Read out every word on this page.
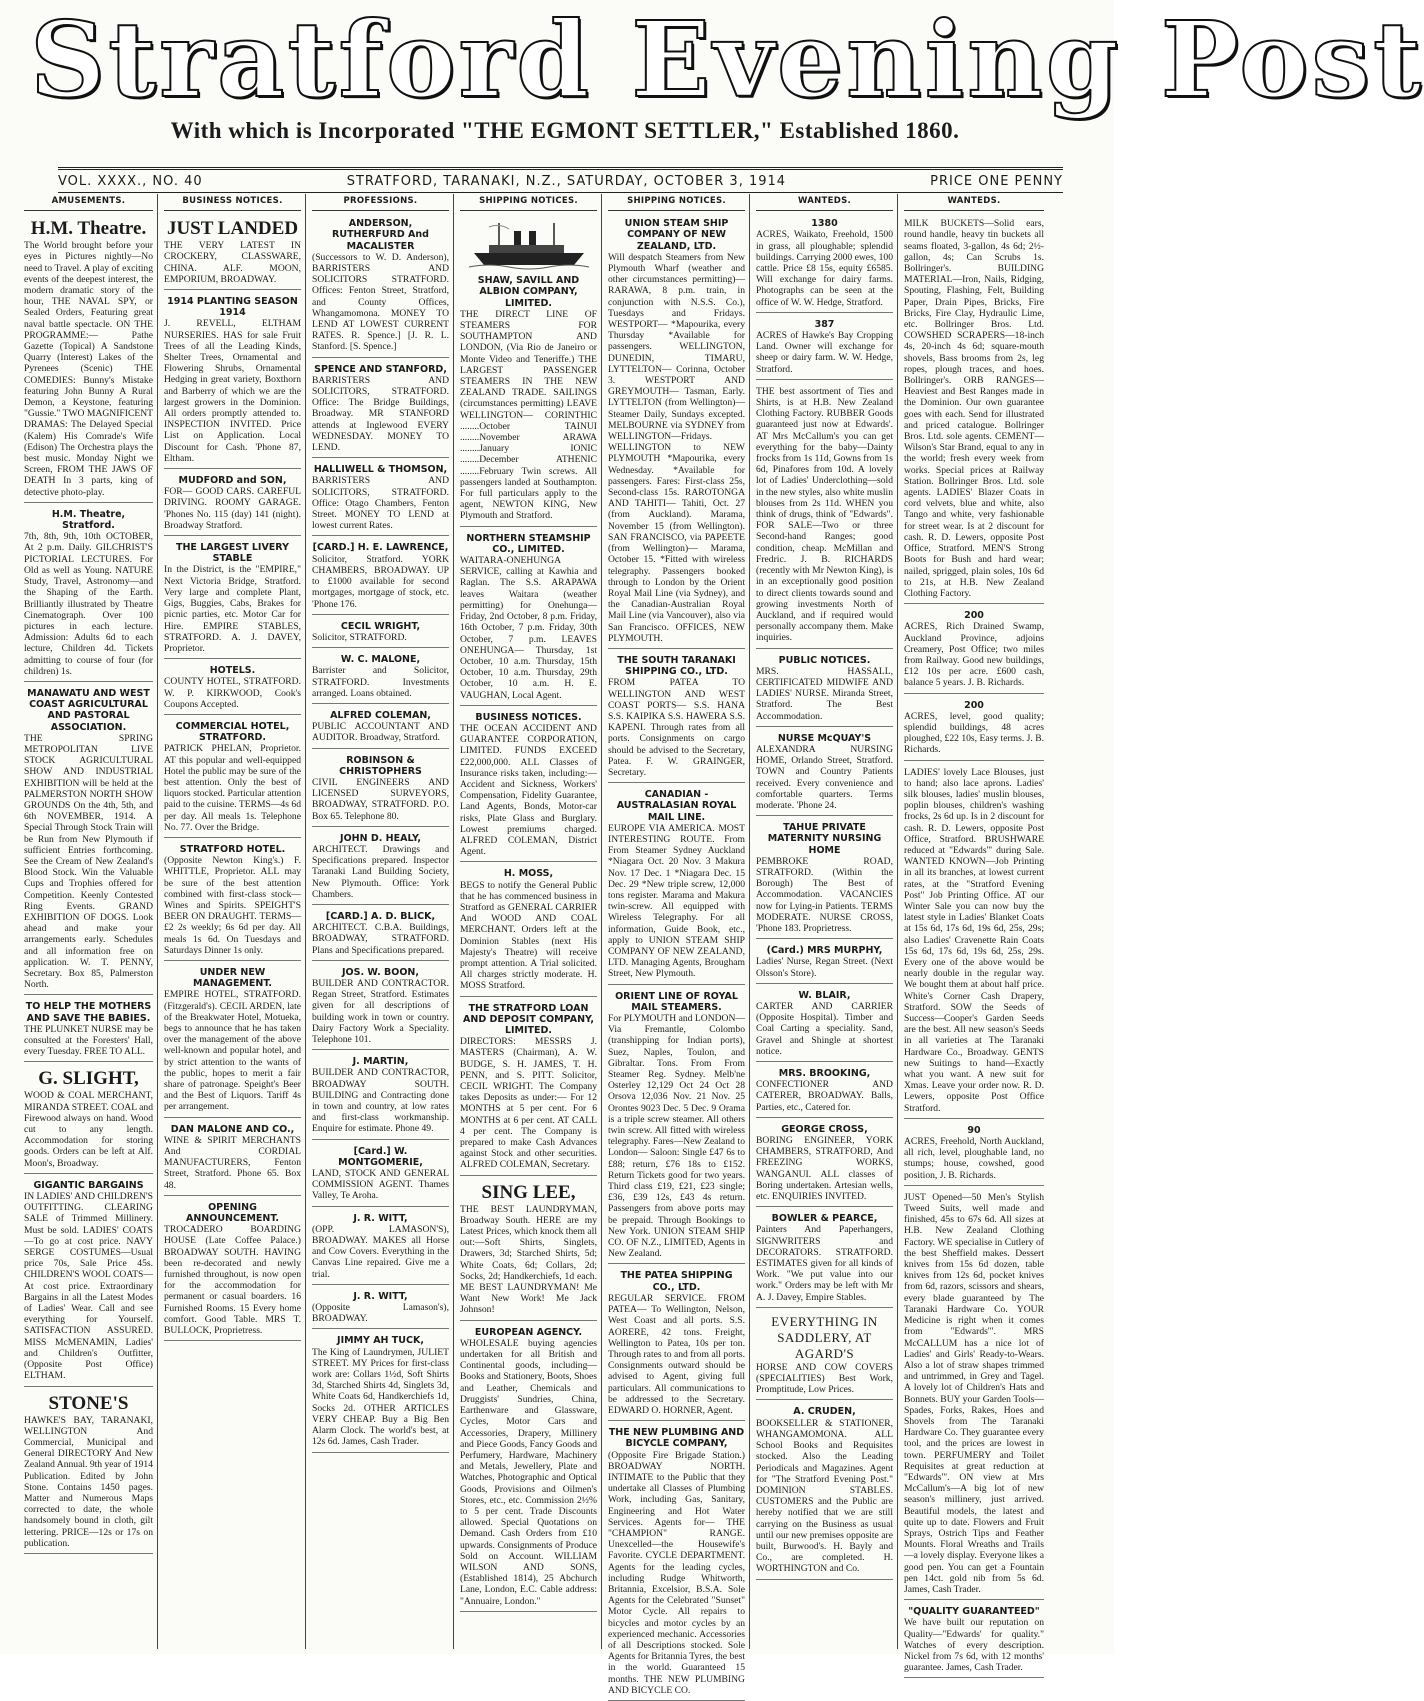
Stratford Evening Post
With which is Incorporated "THE EGMONT SETTLER," Established 1860.
VOL. XXXX., NO. 40	STRATFORD, TARANAKI, N.Z., SATURDAY, OCTOBER 3, 1914	PRICE ONE PENNY
AMUSEMENTS.
H.M. Theatre.
The World brought before your eyes in Pictures nightly—No need to Travel. A play of exciting events of the deepest interest, the modern dramatic story of the hour, THE NAVAL SPY, or Sealed Orders, Featuring great naval battle spectacle. ON THE PROGRAMME:— Pathe Gazette (Topical) A Sandstone Quarry (Interest) Lakes of the Pyrenees (Scenic) THE COMEDIES: Bunny's Mistake featuring John Bunny A Rural Demon, a Keystone, featuring "Gussie." TWO MAGNIFICENT DRAMAS: The Delayed Special (Kalem) His Comrade's Wife (Edison) The Orchestra plays the best music. Monday Night we Screen, FROM THE JAWS OF DEATH In 3 parts, king of detective photo-play.
H.M. Theatre, Stratford.
7th, 8th, 9th, 10th OCTOBER, At 2 p.m. Daily. GILCHRIST'S PICTORIAL LECTURES. For Old as well as Young. NATURE Study, Travel, Astronomy—and the Shaping of the Earth. Brilliantly illustrated by Theatre Cinematograph. Over 100 pictures in each lecture. Admission: Adults 6d to each lecture, Children 4d. Tickets admitting to course of four (for children) 1s.
MANAWATU AND WEST COAST AGRICULTURAL AND PASTORAL ASSOCIATION.
THE SPRING METROPOLITAN LIVE STOCK AGRICULTURAL SHOW AND INDUSTRIAL EXHIBITION will be held at the PALMERSTON NORTH SHOW GROUNDS On the 4th, 5th, and 6th NOVEMBER, 1914. A Special Through Stock Train will be Run from New Plymouth if sufficient Entries forthcoming. See the Cream of New Zealand's Blood Stock. Win the Valuable Cups and Trophies offered for Competition. Keenly Contested Ring Events. GRAND EXHIBITION OF DOGS. Look ahead and make your arrangements early. Schedules and all information free on application. W. T. PENNY, Secretary. Box 85, Palmerston North.
TO HELP THE MOTHERS AND SAVE THE BABIES.
THE PLUNKET NURSE may be consulted at the Foresters' Hall, every Tuesday. FREE TO ALL.
G. SLIGHT,
WOOD & COAL MERCHANT, MIRANDA STREET. COAL and Firewood always on hand. Wood cut to any length. Accommodation for storing goods. Orders can be left at Alf. Moon's, Broadway.
GIGANTIC BARGAINS
IN LADIES' AND CHILDREN'S OUTFITTING. CLEARING SALE of Trimmed Millinery. Must be sold. LADIES' COATS—To go at cost price. NAVY SERGE COSTUMES—Usual price 70s, Sale Price 45s. CHILDREN'S WOOL COATS—At cost price. Extraordinary Bargains in all the Latest Modes of Ladies' Wear. Call and see everything for Yourself. SATISFACTION ASSURED. MISS McMENAMIN, Ladies' and Children's Outfitter, (Opposite Post Office) ELTHAM.
STONE'S
HAWKE'S BAY, TARANAKI, WELLINGTON And Commercial, Municipal and General DIRECTORY And New Zealand Annual. 9th year of 1914 Publication. Edited by John Stone. Contains 1450 pages. Matter and Numerous Maps corrected to date, the whole handsomely bound in cloth, gilt lettering. PRICE—12s or 17s on publication.
BUSINESS NOTICES.
JUST LANDED
THE VERY LATEST IN CROCKERY, CLASSWARE, CHINA. ALF. MOON, EMPORIUM, BROADWAY.
1914 PLANTING SEASON 1914
J. REVELL, ELTHAM NURSERIES. HAS for sale Fruit Trees of all the Leading Kinds, Shelter Trees, Ornamental and Flowering Shrubs, Ornamental Hedging in great variety, Boxthorn and Barberry of which we are the largest growers in the Dominion. All orders promptly attended to. INSPECTION INVITED. Price List on Application. Local Discount for Cash. 'Phone 87, Eltham.
MUDFORD and SON,
FOR— GOOD CARS. CAREFUL DRIVING. ROOMY GARAGE. 'Phones No. 115 (day) 141 (night). Broadway Stratford.
THE LARGEST LIVERY STABLE
In the District, is the "EMPIRE," Next Victoria Bridge, Stratford. Very large and complete Plant, Gigs, Buggies, Cabs, Brakes for picnic parties, etc. Motor Car for Hire. EMPIRE STABLES, STRATFORD. A. J. DAVEY, Proprietor.
HOTELS.
COUNTY HOTEL, STRATFORD. W. P. KIRKWOOD, Cook's Coupons Accepted.
COMMERCIAL HOTEL, STRATFORD.
PATRICK PHELAN, Proprietor. AT this popular and well-equipped Hotel the public may be sure of the best attention. Only the best of liquors stocked. Particular attention paid to the cuisine. TERMS—4s 6d per day. All meals 1s. Telephone No. 77. Over the Bridge.
STRATFORD HOTEL.
(Opposite Newton King's.) F. WHITTLE, Proprietor. ALL may be sure of the best attention combined with first-class stock—Wines and Spirits. SPEIGHT'S BEER ON DRAUGHT. TERMS—£2 2s weekly; 6s 6d per day. All meals 1s 6d. On Tuesdays and Saturdays Dinner 1s only.
UNDER NEW MANAGEMENT.
EMPIRE HOTEL, STRATFORD. (Fitzgerald's). CECIL ARDEN, late of the Breakwater Hotel, Motueka, begs to announce that he has taken over the management of the above well-known and popular hotel, and by strict attention to the wants of the public, hopes to merit a fair share of patronage. Speight's Beer and the Best of Liquors. Tariff 4s per arrangement.
DAN MALONE AND CO.,
WINE & SPIRIT MERCHANTS And CORDIAL MANUFACTURERS, Fenton Street, Stratford. Phone 65. Box 48.
OPENING ANNOUNCEMENT.
TROCADERO BOARDING HOUSE (Late Coffee Palace.) BROADWAY SOUTH. HAVING been re-decorated and newly furnished throughout, is now open for the accommodation for permanent or casual boarders. 16 Furnished Rooms. 15 Every home comfort. Good Table. MRS T. BULLOCK, Proprietress.
PROFESSIONS.
ANDERSON, RUTHERFURD And MACALISTER
(Successors to W. D. Anderson), BARRISTERS AND SOLICITORS STRATFORD. Offices: Fenton Street, Stratford, and County Offices, Whangamomona. MONEY TO LEND AT LOWEST CURRENT RATES. R. Spence.] [J. R. L. Stanford. [S. Spence.]
SPENCE AND STANFORD,
BARRISTERS AND SOLICITORS, STRATFORD. Office: The Bridge Buildings, Broadway. MR STANFORD attends at Inglewood EVERY WEDNESDAY. MONEY TO LEND.
HALLIWELL & THOMSON,
BARRISTERS AND SOLICITORS, STRATFORD. Office: Otago Chambers, Fenton Street. MONEY TO LEND at lowest current Rates.
[CARD.] H. E. LAWRENCE,
Solicitor, Stratford. YORK CHAMBERS, BROADWAY. UP to £1000 available for second mortgages, mortgage of stock, etc. 'Phone 176.
CECIL WRIGHT,
Solicitor, STRATFORD.
W. C. MALONE,
Barrister and Solicitor, STRATFORD. Investments arranged. Loans obtained.
ALFRED COLEMAN,
PUBLIC ACCOUNTANT AND AUDITOR. Broadway, Stratford.
ROBINSON & CHRISTOPHERS
CIVIL ENGINEERS AND LICENSED SURVEYORS, BROADWAY, STRATFORD. P.O. Box 65. Telephone 80.
JOHN D. HEALY,
ARCHITECT. Drawings and Specifications prepared. Inspector Taranaki Land Building Society, New Plymouth. Office: York Chambers.
[CARD.] A. D. BLICK,
ARCHITECT. C.B.A. Buildings, BROADWAY, STRATFORD. Plans and Specifications prepared.
JOS. W. BOON,
BUILDER AND CONTRACTOR. Regan Street, Stratford. Estimates given for all descriptions of building work in town or country. Dairy Factory Work a Speciality. Telephone 101.
J. MARTIN,
BUILDER AND CONTRACTOR, BROADWAY SOUTH. BUILDING and Contracting done in town and country, at low rates and first-class workmanship. Enquire for estimate. Phone 49.
[Card.] W. MONTGOMERIE,
LAND, STOCK AND GENERAL COMMISSION AGENT. Thames Valley, Te Aroha.
J. R. WITT,
(OPP. LAMASON'S), BROADWAY. MAKES all Horse and Cow Covers. Everything in the Canvas Line repaired. Give me a trial.
J. R. WITT,
(Opposite Lamason's), BROADWAY.
JIMMY AH TUCK,
The King of Laundrymen, JULIET STREET. MY Prices for first-class work are: Collars 1½d, Soft Shirts 3d, Starched Shirts 4d, Singlets 3d, White Coats 6d, Handkerchiefs 1d, Socks 2d. OTHER ARTICLES VERY CHEAP. Buy a Big Ben Alarm Clock. The world's best, at 12s 6d. James, Cash Trader.
SHIPPING NOTICES.
SHAW, SAVILL AND ALBION COMPANY, LIMITED.
THE DIRECT LINE OF STEAMERS FOR SOUTHAMPTON AND LONDON, (Via Rio de Janeiro or Monte Video and Teneriffe.) THE LARGEST PASSENGER STEAMERS IN THE NEW ZEALAND TRADE. SAILINGS (circumstances permitting) LEAVE WELLINGTON— CORINTHIC ........October TAINUI ........November ARAWA ........January IONIC ........December ATHENIC ........February Twin screws. All passengers landed at Southampton. For full particulars apply to the agent, NEWTON KING, New Plymouth and Stratford.
NORTHERN STEAMSHIP CO., LIMITED.
WAITARA-ONEHUNGA SERVICE, calling at Kawhia and Raglan. The S.S. ARAPAWA leaves Waitara (weather permitting) for Onehunga— Friday, 2nd October, 8 p.m. Friday, 16th October, 7 p.m. Friday, 30th October, 7 p.m. LEAVES ONEHUNGA— Thursday, 1st October, 10 a.m. Thursday, 15th October, 10 a.m. Thursday, 29th October, 10 a.m. H. E. VAUGHAN, Local Agent.
BUSINESS NOTICES.
THE OCEAN ACCIDENT AND GUARANTEE CORPORATION, LIMITED. FUNDS EXCEED £22,000,000. ALL Classes of Insurance risks taken, including:—Accident and Sickness, Workers' Compensation, Fidelity Guarantee, Land Agents, Bonds, Motor-car risks, Plate Glass and Burglary. Lowest premiums charged. ALFRED COLEMAN, District Agent.
H. MOSS,
BEGS to notify the General Public that he has commenced business in Stratford as GENERAL CARRIER And WOOD AND COAL MERCHANT. Orders left at the Dominion Stables (next His Majesty's Theatre) will receive prompt attention. A Trial solicited. All charges strictly moderate. H. MOSS Stratford.
THE STRATFORD LOAN AND DEPOSIT COMPANY, LIMITED.
DIRECTORS: MESSRS J. MASTERS (Chairman), A. W. BUDGE, S. H. JAMES, T. H. PENN, and S. PITT. Solicitor, CECIL WRIGHT. The Company takes Deposits as under:— For 12 MONTHS at 5 per cent. For 6 MONTHS at 6 per cent. AT CALL 4 per cent. The Company is prepared to make Cash Advances against Stock and other securities. ALFRED COLEMAN, Secretary.
SING LEE,
THE BEST LAUNDRYMAN, Broadway South. HERE are my Latest Prices, which knock them all out:—Soft Shirts, Singlets, Drawers, 3d; Starched Shirts, 5d; White Coats, 6d; Collars, 2d; Socks, 2d; Handkerchiefs, 1d each. ME BEST LAUNDRYMAN! Me Want New Work! Me Jack Johnson!
EUROPEAN AGENCY.
WHOLESALE buying agencies undertaken for all British and Continental goods, including— Books and Stationery, Boots, Shoes and Leather, Chemicals and Druggists' Sundries, China, Earthenware and Glassware, Cycles, Motor Cars and Accessories, Drapery, Millinery and Piece Goods, Fancy Goods and Perfumery, Hardware, Machinery and Metals, Jewellery, Plate and Watches, Photographic and Optical Goods, Provisions and Oilmen's Stores, etc., etc. Commission 2½% to 5 per cent. Trade Discounts allowed. Special Quotations on Demand. Cash Orders from £10 upwards. Consignments of Produce Sold on Account. WILLIAM WILSON AND SONS, (Established 1814), 25 Abchurch Lane, London, E.C. Cable address: "Annuaire, London."
SHIPPING NOTICES.
UNION STEAM SHIP COMPANY OF NEW ZEALAND, LTD.
Will despatch Steamers from New Plymouth Wharf (weather and other circumstances permitting)— RARAWA, 8 p.m. train, in conjunction with N.S.S. Co.), Tuesdays and Fridays. WESTPORT— *Mapourika, every Thursday *Available for passengers. WELLINGTON, DUNEDIN, TIMARU, LYTTELTON— Corinna, October 3. WESTPORT AND GREYMOUTH— Tasman, Early. LYTTELTON (from Wellington)— Steamer Daily, Sundays excepted. MELBOURNE via SYDNEY from WELLINGTON—Fridays. WELLINGTON to NEW PLYMOUTH *Mapourika, every Wednesday. *Available for passengers. Fares: First-class 25s, Second-class 15s. RAROTONGA AND TAHITI— Tahiti, Oct. 27 (from Auckland). Marama, November 15 (from Wellington). SAN FRANCISCO, via PAPEETE (from Wellington)— Marama, October 15. *Fitted with wireless telegraphy. Passengers booked through to London by the Orient Royal Mail Line (via Sydney), and the Canadian-Australian Royal Mail Line (via Vancouver), also via San Francisco. OFFICES, NEW PLYMOUTH.
THE SOUTH TARANAKI SHIPPING CO., LTD.
FROM PATEA TO WELLINGTON AND WEST COAST PORTS— S.S. HANA S.S. KAIPIKA S.S. HAWERA S.S. KAPENI. Through rates from all ports. Consignments on cargo should be advised to the Secretary, Patea. F. W. GRAINGER, Secretary.
CANADIAN - AUSTRALASIAN ROYAL MAIL LINE.
EUROPE VIA AMERICA. MOST INTERESTING ROUTE. From From Steamer Sydney Auckland *Niagara Oct. 20 Nov. 3 Makura Nov. 17 Dec. 1 *Niagara Dec. 15 Dec. 29 *New triple screw, 12,000 tons register. Marama and Makura twin-screw. All equipped with Wireless Telegraphy. For all information, Guide Book, etc., apply to UNION STEAM SHIP COMPANY OF NEW ZEALAND, LTD. Managing Agents, Brougham Street, New Plymouth.
ORIENT LINE OF ROYAL MAIL STEAMERS.
For PLYMOUTH and LONDON— Via Fremantle, Colombo (transhipping for Indian ports), Suez, Naples, Toulon, and Gibraltar. Tons. From From Steamer Reg. Sydney. Melb'ne Osterley 12,129 Oct 24 Oct 28 Orsova 12,036 Nov. 21 Nov. 25 Orontes 9023 Dec. 5 Dec. 9 Orama is a triple screw steamer. All others twin screw. All fitted with wireless telegraphy. Fares—New Zealand to London— Saloon: Single £47 6s to £88; return, £76 18s to £152. Return Tickets good for two years. Third class £19, £21, £23 single; £36, £39 12s, £43 4s return. Passengers from above ports may be prepaid. Through Bookings to New York. UNION STEAM SHIP CO. OF N.Z., LIMITED, Agents in New Zealand.
THE PATEA SHIPPING CO., LTD.
REGULAR SERVICE. FROM PATEA— To Wellington, Nelson, West Coast and all ports. S.S. AORERE, 42 tons. Freight, Wellington to Patea, 10s per ton. Through rates to and from all ports. Consignments outward should be advised to Agent, giving full particulars. All communications to be addressed to the Secretary. EDWARD O. HORNER, Agent.
THE NEW PLUMBING AND BICYCLE COMPANY,
(Opposite Fire Brigade Station.) BROADWAY NORTH. INTIMATE to the Public that they undertake all Classes of Plumbing Work, including Gas, Sanitary, Engineering and Hot Water Services. Agents for— THE "CHAMPION" RANGE. Unexcelled—the Housewife's Favorite. CYCLE DEPARTMENT. Agents for the leading cycles, including Rudge Whitworth, Britannia, Excelsior, B.S.A. Sole Agents for the Celebrated "Sunset" Motor Cycle. All repairs to bicycles and motor cycles by an experienced mechanic. Accessories of all Descriptions stocked. Sole Agents for Britannia Tyres, the best in the world. Guaranteed 15 months. THE NEW PLUMBING AND BICYCLE CO.
WANTEDS.
1380
ACRES, Waikato, Freehold, 1500 in grass, all ploughable; splendid buildings. Carrying 2000 ewes, 100 cattle. Price £8 15s, equity £6585. Will exchange for dairy farms. Photographs can be seen at the office of W. W. Hedge, Stratford.
387
ACRES of Hawke's Bay Cropping Land. Owner will exchange for sheep or dairy farm. W. W. Hedge, Stratford.
THE best assortment of Ties and Shirts, is at H.B. New Zealand Clothing Factory. RUBBER Goods guaranteed just now at Edwards'. AT Mrs McCallum's you can get everything for the baby—Dainty frocks from 1s 11d, Gowns from 1s 6d, Pinafores from 10d. A lovely lot of Ladies' Underclothing—sold in the new styles, also white muslin blouses from 2s 11d. WHEN you think of drugs, think of "Edwards". FOR SALE—Two or three Second-hand Ranges; good condition, cheap. McMillan and Fredric. J. B. RICHARDS (recently with Mr Newton King), is in an exceptionally good position to direct clients towards sound and growing investments North of Auckland, and if required would personally accompany them. Make inquiries.
PUBLIC NOTICES.
MRS. HASSALL, CERTIFICATED MIDWIFE AND LADIES' NURSE. Miranda Street, Stratford. The Best Accommodation.
NURSE McQUAY'S
ALEXANDRA NURSING HOME, Orlando Street, Stratford. TOWN and Country Patients received. Every convenience and comfortable quarters. Terms moderate. 'Phone 24.
TAHUE PRIVATE MATERNITY NURSING HOME
PEMBROKE ROAD, STRATFORD. (Within the Borough) The Best of Accommodation. VACANCIES now for Lying-in Patients. TERMS MODERATE. NURSE CROSS, 'Phone 183. Proprietress.
(Card.) MRS MURPHY,
Ladies' Nurse, Regan Street. (Next Olsson's Store).
W. BLAIR,
CARTER AND CARRIER (Opposite Hospital). Timber and Coal Carting a speciality. Sand, Gravel and Shingle at shortest notice.
MRS. BROOKING,
CONFECTIONER AND CATERER, BROADWAY. Balls, Parties, etc., Catered for.
GEORGE CROSS,
BORING ENGINEER, YORK CHAMBERS, STRATFORD, And FREEZING WORKS, WANGANUI. ALL classes of Boring undertaken. Artesian wells, etc. ENQUIRIES INVITED.
BOWLER & PEARCE,
Painters And Paperhangers, SIGNWRITERS and DECORATORS. STRATFORD. ESTIMATES given for all kinds of Work. "We put value into our work." Orders may be left with Mr A. J. Davey, Empire Stables.
EVERYTHING IN SADDLERY, AT AGARD'S
HORSE AND COW COVERS (SPECIALITIES) Best Work, Promptitude, Low Prices.
A. CRUDEN,
BOOKSELLER & STATIONER, WHANGAMOMONA. ALL School Books and Requisites stocked. Also the Leading Periodicals and Magazines. Agent for "The Stratford Evening Post." DOMINION STABLES. CUSTOMERS and the Public are hereby notified that we are still carrying on the Business as usual until our new premises opposite are built, Burwood's. H. Bayly and Co., are completed. H. WORTHINGTON and Co.
WANTEDS.
MILK BUCKETS—Solid ears, round handle, heavy tin buckets all seams floated, 3-gallon, 4s 6d; 2½-gallon, 4s; Can Scrubs 1s. Bollringer's. BUILDING MATERIAL—Iron, Nails, Ridging, Spouting, Flashing, Felt, Building Paper, Drain Pipes, Bricks, Fire Bricks, Fire Clay, Hydraulic Lime, etc. Bollringer Bros. Ltd. COWSHED SCRAPERS—18-inch 4s, 20-inch 4s 6d; square-mouth shovels, Bass brooms from 2s, leg ropes, plough traces, and hoes. Bollringer's. ORB RANGES—Heaviest and Best Ranges made in the Dominion. Our own guarantee goes with each. Send for illustrated and priced catalogue. Bollringer Bros. Ltd. sole agents. CEMENT—Wilson's Star Brand, equal to any in the world; fresh every week from works. Special prices at Railway Station. Bollringer Bros. Ltd. sole agents. LADIES' Blazer Coats in cord velvets, blue and white, also Tango and white, very fashionable for street wear. Is at 2 discount for cash. R. D. Lewers, opposite Post Office, Stratford. MEN'S Strong Boots for Bush and hard wear; nailed, sprigged, plain soles, 10s 6d to 21s, at H.B. New Zealand Clothing Factory.
200
ACRES, Rich Drained Swamp, Auckland Province, adjoins Creamery, Post Office; two miles from Railway. Good new buildings, £12 10s per acre. £600 cash, balance 5 years. J. B. Richards.
200
ACRES, level, good quality; splendid buildings, 48 acres ploughed, £22 10s, Easy terms. J. B. Richards.
LADIES' lovely Lace Blouses, just to hand; also lace aprons. Ladies' silk blouses, ladies' muslin blouses, poplin blouses, children's washing frocks, 2s 6d up. Is in 2 discount for cash. R. D. Lewers, opposite Post Office, Stratford. BRUSHWARE reduced at "Edwards'" during Sale. WANTED KNOWN—Job Printing in all its branches, at lowest current rates, at the "Stratford Evening Post" Job Printing Office. AT our Winter Sale you can now buy the latest style in Ladies' Blanket Coats at 15s 6d, 17s 6d, 19s 6d, 25s, 29s; also Ladies' Cravenette Rain Coats 15s 6d, 17s 6d, 19s 6d, 25s, 29s. Every one of the above would be nearly double in the regular way. We bought them at about half price. White's Corner Cash Drapery, Stratford. SOW the Seeds of Success—Cooper's Garden Seeds are the best. All new season's Seeds in all varieties at The Taranaki Hardware Co., Broadway. GENTS new Suitings to hand—Exactly what you want. A new suit for Xmas. Leave your order now. R. D. Lewers, opposite Post Office Stratford.
90
ACRES, Freehold, North Auckland, all rich, level, ploughable land, no stumps; house, cowshed, good position, J. B. Richards.
JUST Opened—50 Men's Stylish Tweed Suits, well made and finished, 45s to 67s 6d. All sizes at H.B. New Zealand Clothing Factory. WE specialise in Cutlery of the best Sheffield makes. Dessert knives from 15s 6d dozen, table knives from 12s 6d, pocket knives from 6d, razors, scissors and shears, every blade guaranteed by The Taranaki Hardware Co. YOUR Medicine is right when it comes from "Edwards'". MRS McCALLUM has a nice lot of Ladies' and Girls' Ready-to-Wears. Also a lot of straw shapes trimmed and untrimmed, in Grey and Tagel. A lovely lot of Children's Hats and Bonnets. BUY your Garden Tools—Spades, Forks, Rakes, Hoes and Shovels from The Taranaki Hardware Co. They guarantee every tool, and the prices are lowest in town. PERFUMERY and Toilet Requisites at great reduction at "Edwards'". ON view at Mrs McCallum's—A big lot of new season's millinery, just arrived. Beautiful models, the latest and quite up to date. Flowers and Fruit Sprays, Ostrich Tips and Feather Mounts. Floral Wreaths and Trails—a lovely display. Everyone likes a good pen. You can get a Fountain pen 14ct. gold nib from 5s 6d. James, Cash Trader.
"QUALITY GUARANTEED"
We have built our reputation on Quality—"Edwards' for quality." Watches of every description. Nickel from 7s 6d, with 12 months' guarantee. James, Cash Trader.
